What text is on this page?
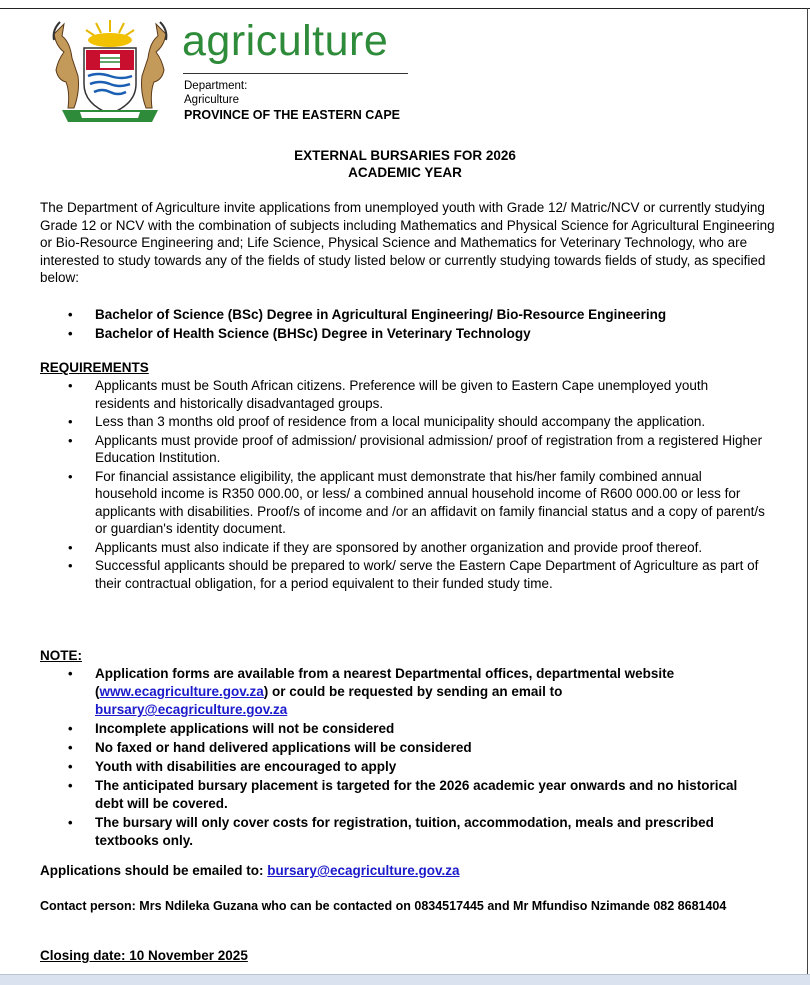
agriculture
Department:
Agriculture
PROVINCE OF THE EASTERN CAPE
EXTERNAL BURSARIES FOR 2026
ACADEMIC YEAR

The Department of Agriculture invite applications from unemployed youth with Grade 12/ Matric/NCV or currently studying Grade 12 or NCV with the combination of subjects including Mathematics and Physical Science for Agricultural Engineering or Bio-Resource Engineering and; Life Science, Physical Science and Mathematics for Veterinary Technology, who are interested to study towards any of the fields of study listed below or currently studying towards fields of study, as specified below:

• Bachelor of Science (BSc) Degree in Agricultural Engineering/ Bio-Resource Engineering
• Bachelor of Health Science (BHSc) Degree in Veterinary Technology
REQUIREMENTS
• Applicants must be South African citizens. Preference will be given to Eastern Cape unemployed youth residents and historically disadvantaged groups.
• Less than 3 months old proof of residence from a local municipality should accompany the application.
• Applicants must provide proof of admission/ provisional admission/ proof of registration from a registered Higher Education Institution.
• For financial assistance eligibility, the applicant must demonstrate that his/her family combined annual household income is R350 000.00, or less/ a combined annual household income of R600 000.00 or less for applicants with disabilities. Proof/s of income and /or an affidavit on family financial status and a copy of parent/s or guardian's identity document.
• Applicants must also indicate if they are sponsored by another organization and provide proof thereof.
• Successful applicants should be prepared to work/ serve the Eastern Cape Department of Agriculture as part of their contractual obligation, for a period equivalent to their funded study time.
NOTE:
• Application forms are available from a nearest Departmental offices, departmental website (www.ecagriculture.gov.za) or could be requested by sending an email to
bursary@ecagriculture.gov.za
• Incomplete applications will not be considered
• No faxed or hand delivered applications will be considered
• Youth with disabilities are encouraged to apply
• The anticipated bursary placement is targeted for the 2026 academic year onwards and no historical debt will be covered.
• The bursary will only cover costs for registration, tuition, accommodation, meals and prescribed textbooks only.
Applications should be emailed to: bursary@ecagriculture.gov.za
Contact person: Mrs Ndileka Guzana who can be contacted on 0834517445 and Mr Mfundiso Nzimande 082 8681404
Closing date: 10 November 2025
